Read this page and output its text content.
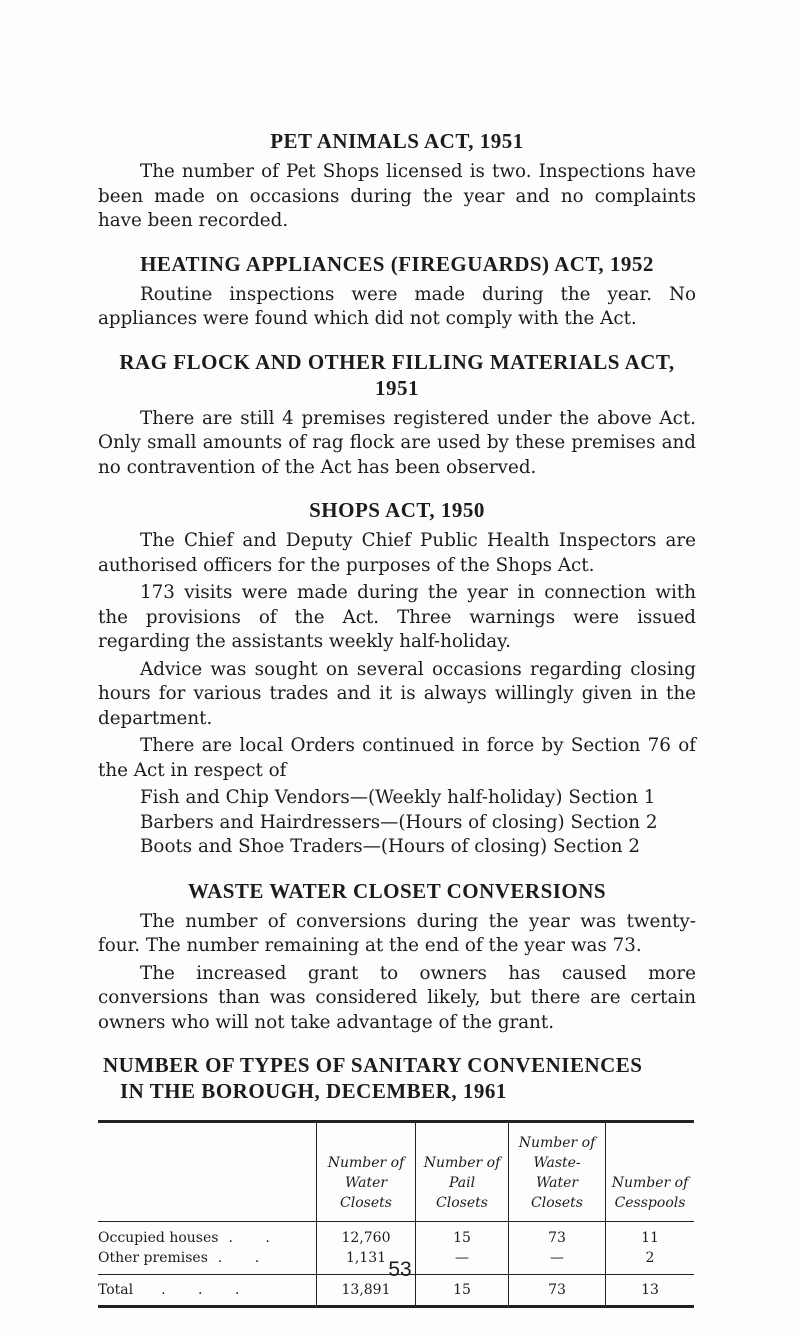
PET ANIMALS ACT, 1951

The number of Pet Shops licensed is two. Inspections have been made on occasions during the year and no complaints have been recorded.

HEATING APPLIANCES (FIREGUARDS) ACT, 1952

Routine inspections were made during the year. No appliances were found which did not comply with the Act.

RAG FLOCK AND OTHER FILLING MATERIALS ACT,
1951

There are still 4 premises registered under the above Act. Only small amounts of rag flock are used by these premises and no contravention of the Act has been observed.

SHOPS ACT, 1950

The Chief and Deputy Chief Public Health Inspectors are authorised officers for the purposes of the Shops Act.

173 visits were made during the year in connection with the provisions of the Act. Three warnings were issued regarding the assistants weekly half-holiday.

Advice was sought on several occasions regarding closing hours for various trades and it is always willingly given in the department.

There are local Orders continued in force by Section 76 of the Act in respect of

Fish and Chip Vendors—(Weekly half-holiday) Section 1
Barbers and Hairdressers—(Hours of closing) Section 2
Boots and Shoe Traders—(Hours of closing) Section 2
WASTE WATER CLOSET CONVERSIONS

The number of conversions during the year was twenty-four. The number remaining at the end of the year was 73.

The increased grant to owners has caused more conversions than was considered likely, but there are certain owners who will not take advantage of the grant.

NUMBER OF TYPES OF SANITARY CONVENIENCES
IN THE BOROUGH, DECEMBER, 1961
	Number of
Water
Closets	Number of
Pail
Closets	Number of
Waste-
Water
Closets	Number of
Cesspools
Occupied houses . .	12,760	15	73	11
Other premises . .	1,131	—	—	2
Total . . .	13,891	15	73	13
53
